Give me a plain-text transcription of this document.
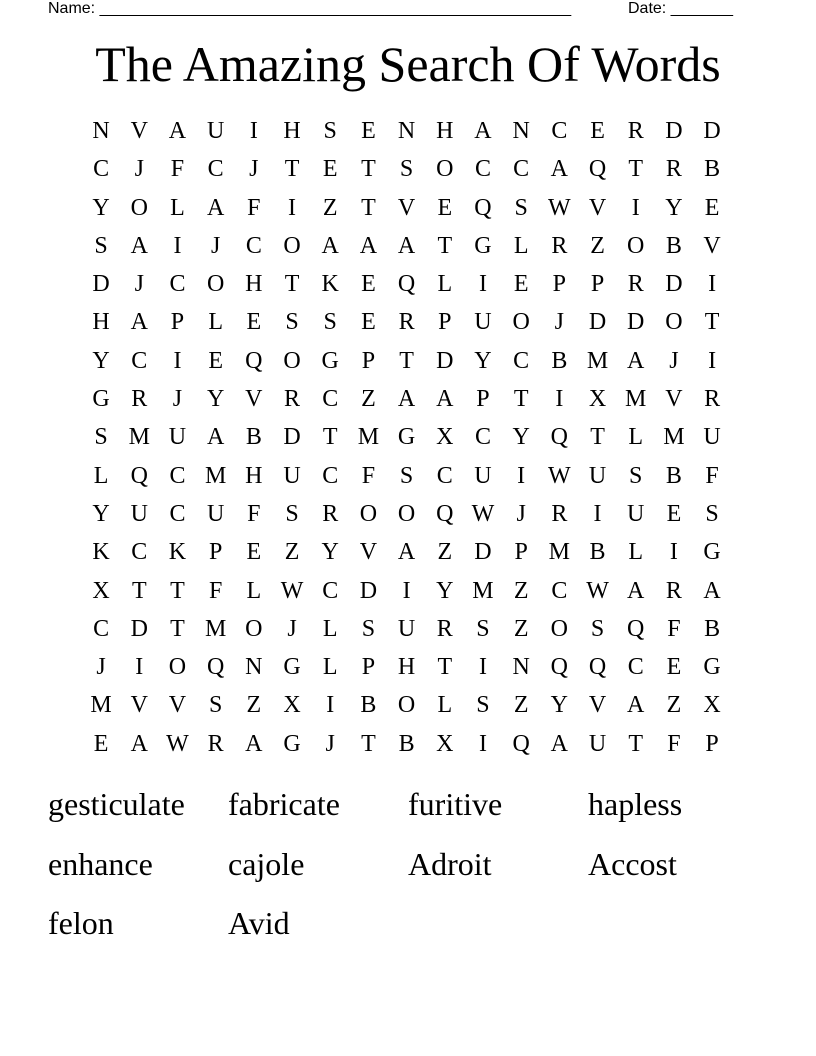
Name: _____________________________________________________	Date: _______
The Amazing Search Of Words
N V A U	I	H S	E N H A N C E R D D
C	J	F C	J	T E T	S O C C A Q T R B
Y O L A F	I	Z T V E Q S W V	I	Y E
S A	I	J	C O A A A T G L R Z O B V
D	J	C O H T K E Q L	I	E	P	P R D	I
H A P	L E	S	S	E R P U O	J	D D O T
Y C	I	E Q O G P	T D Y C B M A	J	I
G R	J	Y V R C Z A A P	T	I	X M V R
S M U A B D T M G X C Y Q T L M U
L Q C M H U C F	S C U	I W U S B F
Y U C U F	S R O O Q W J	R	I	U E	S
K C K P	E Z Y V A Z D P M B L	I	G
X T T	F	L W C D	I	Y M Z C W A R A
C D T M O	J	L	S U R S	Z O S Q F B
J	I	O Q N G L	P H T	I	N Q Q C E G
M V V S	Z X	I	B O L	S	Z Y V A Z X
E A W R A G	J	T B X	I	Q A U T	F	P
gesticulate	fabricate	furitive	hapless
enhance	cajole	Adroit	Accost
felon	Avid
